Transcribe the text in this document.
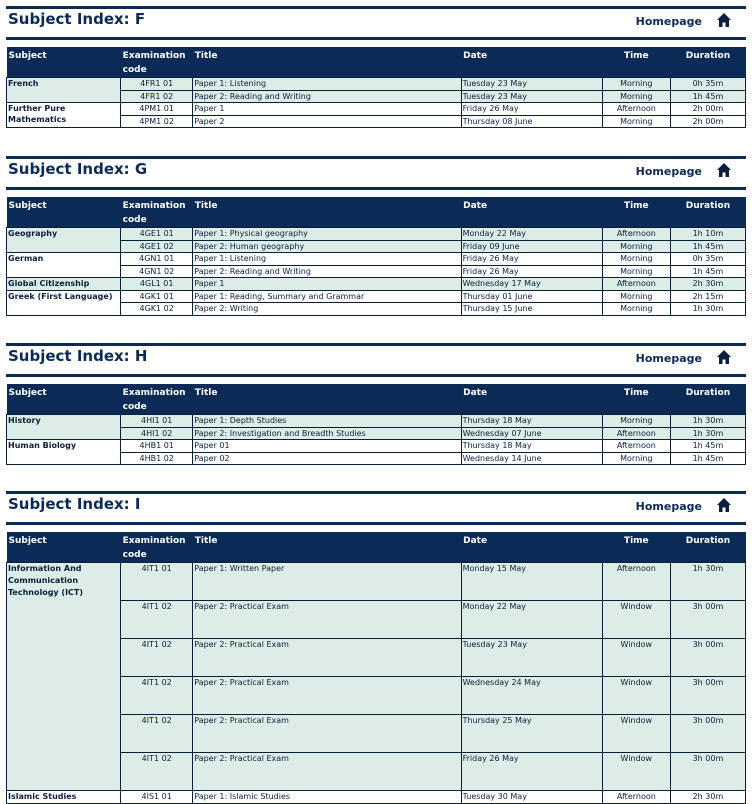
Subject Index: F	Homepage
Subject	Examination
code	Title	Date	Time	Duration
French	4FR1 01	Paper 1: Listening	Tuesday 23 May	Morning	0h 35m
	4FR1 02	Paper 2: Reading and Writing	Tuesday 23 May	Morning	1h 45m
Further Pure Mathematics	4PM1 01	Paper 1	Friday 26 May	Afternoon	2h 00m
	4PM1 02	Paper 2	Thursday 08 June	Morning	2h 00m
Subject Index: G	Homepage
Subject	Examination
code	Title	Date	Time	Duration
Geography	4GE1 01	Paper 1: Physical geography	Monday 22 May	Afternoon	1h 10m
	4GE1 02	Paper 2: Human geography	Friday 09 June	Morning	1h 45m
German	4GN1 01	Paper 1: Listening	Friday 26 May	Morning	0h 35m
	4GN1 02	Paper 2: Reading and Writing	Friday 26 May	Morning	1h 45m
Global Citizenship	4GL1 01	Paper 1	Wednesday 17 May	Afternoon	2h 30m
Greek (First Language)	4GK1 01	Paper 1: Reading, Summary and Grammar	Thursday 01 June	Morning	2h 15m
	4GK1 02	Paper 2: Writing	Thursday 15 June	Morning	1h 30m
Subject Index: H	Homepage
Subject	Examination
code	Title	Date	Time	Duration
History	4HI1 01	Paper 1: Depth Studies	Thursday 18 May	Morning	1h 30m
	4HI1 02	Paper 2: Investigation and Breadth Studies	Wednesday 07 June	Afternoon	1h 30m
Human Biology	4HB1 01	Paper 01	Thursday 18 May	Afternoon	1h 45m
	4HB1 02	Paper 02	Wednesday 14 June	Morning	1h 45m
Subject Index: I	Homepage
Subject	Examination
code	Title	Date	Time	Duration
Information And Communication Technology (ICT)	4IT1 01	Paper 1: Written Paper	Monday 15 May	Afternoon	1h 30m
	4IT1 02	Paper 2: Practical Exam	Monday 22 May	Window	3h 00m
	4IT1 02	Paper 2: Practical Exam	Tuesday 23 May	Window	3h 00m
	4IT1 02	Paper 2: Practical Exam	Wednesday 24 May	Window	3h 00m
	4IT1 02	Paper 2: Practical Exam	Thursday 25 May	Window	3h 00m
	4IT1 02	Paper 2: Practical Exam	Friday 26 May	Window	3h 00m
Islamic Studies	4IS1 01	Paper 1: Islamic Studies	Tuesday 30 May	Afternoon	2h 30m
